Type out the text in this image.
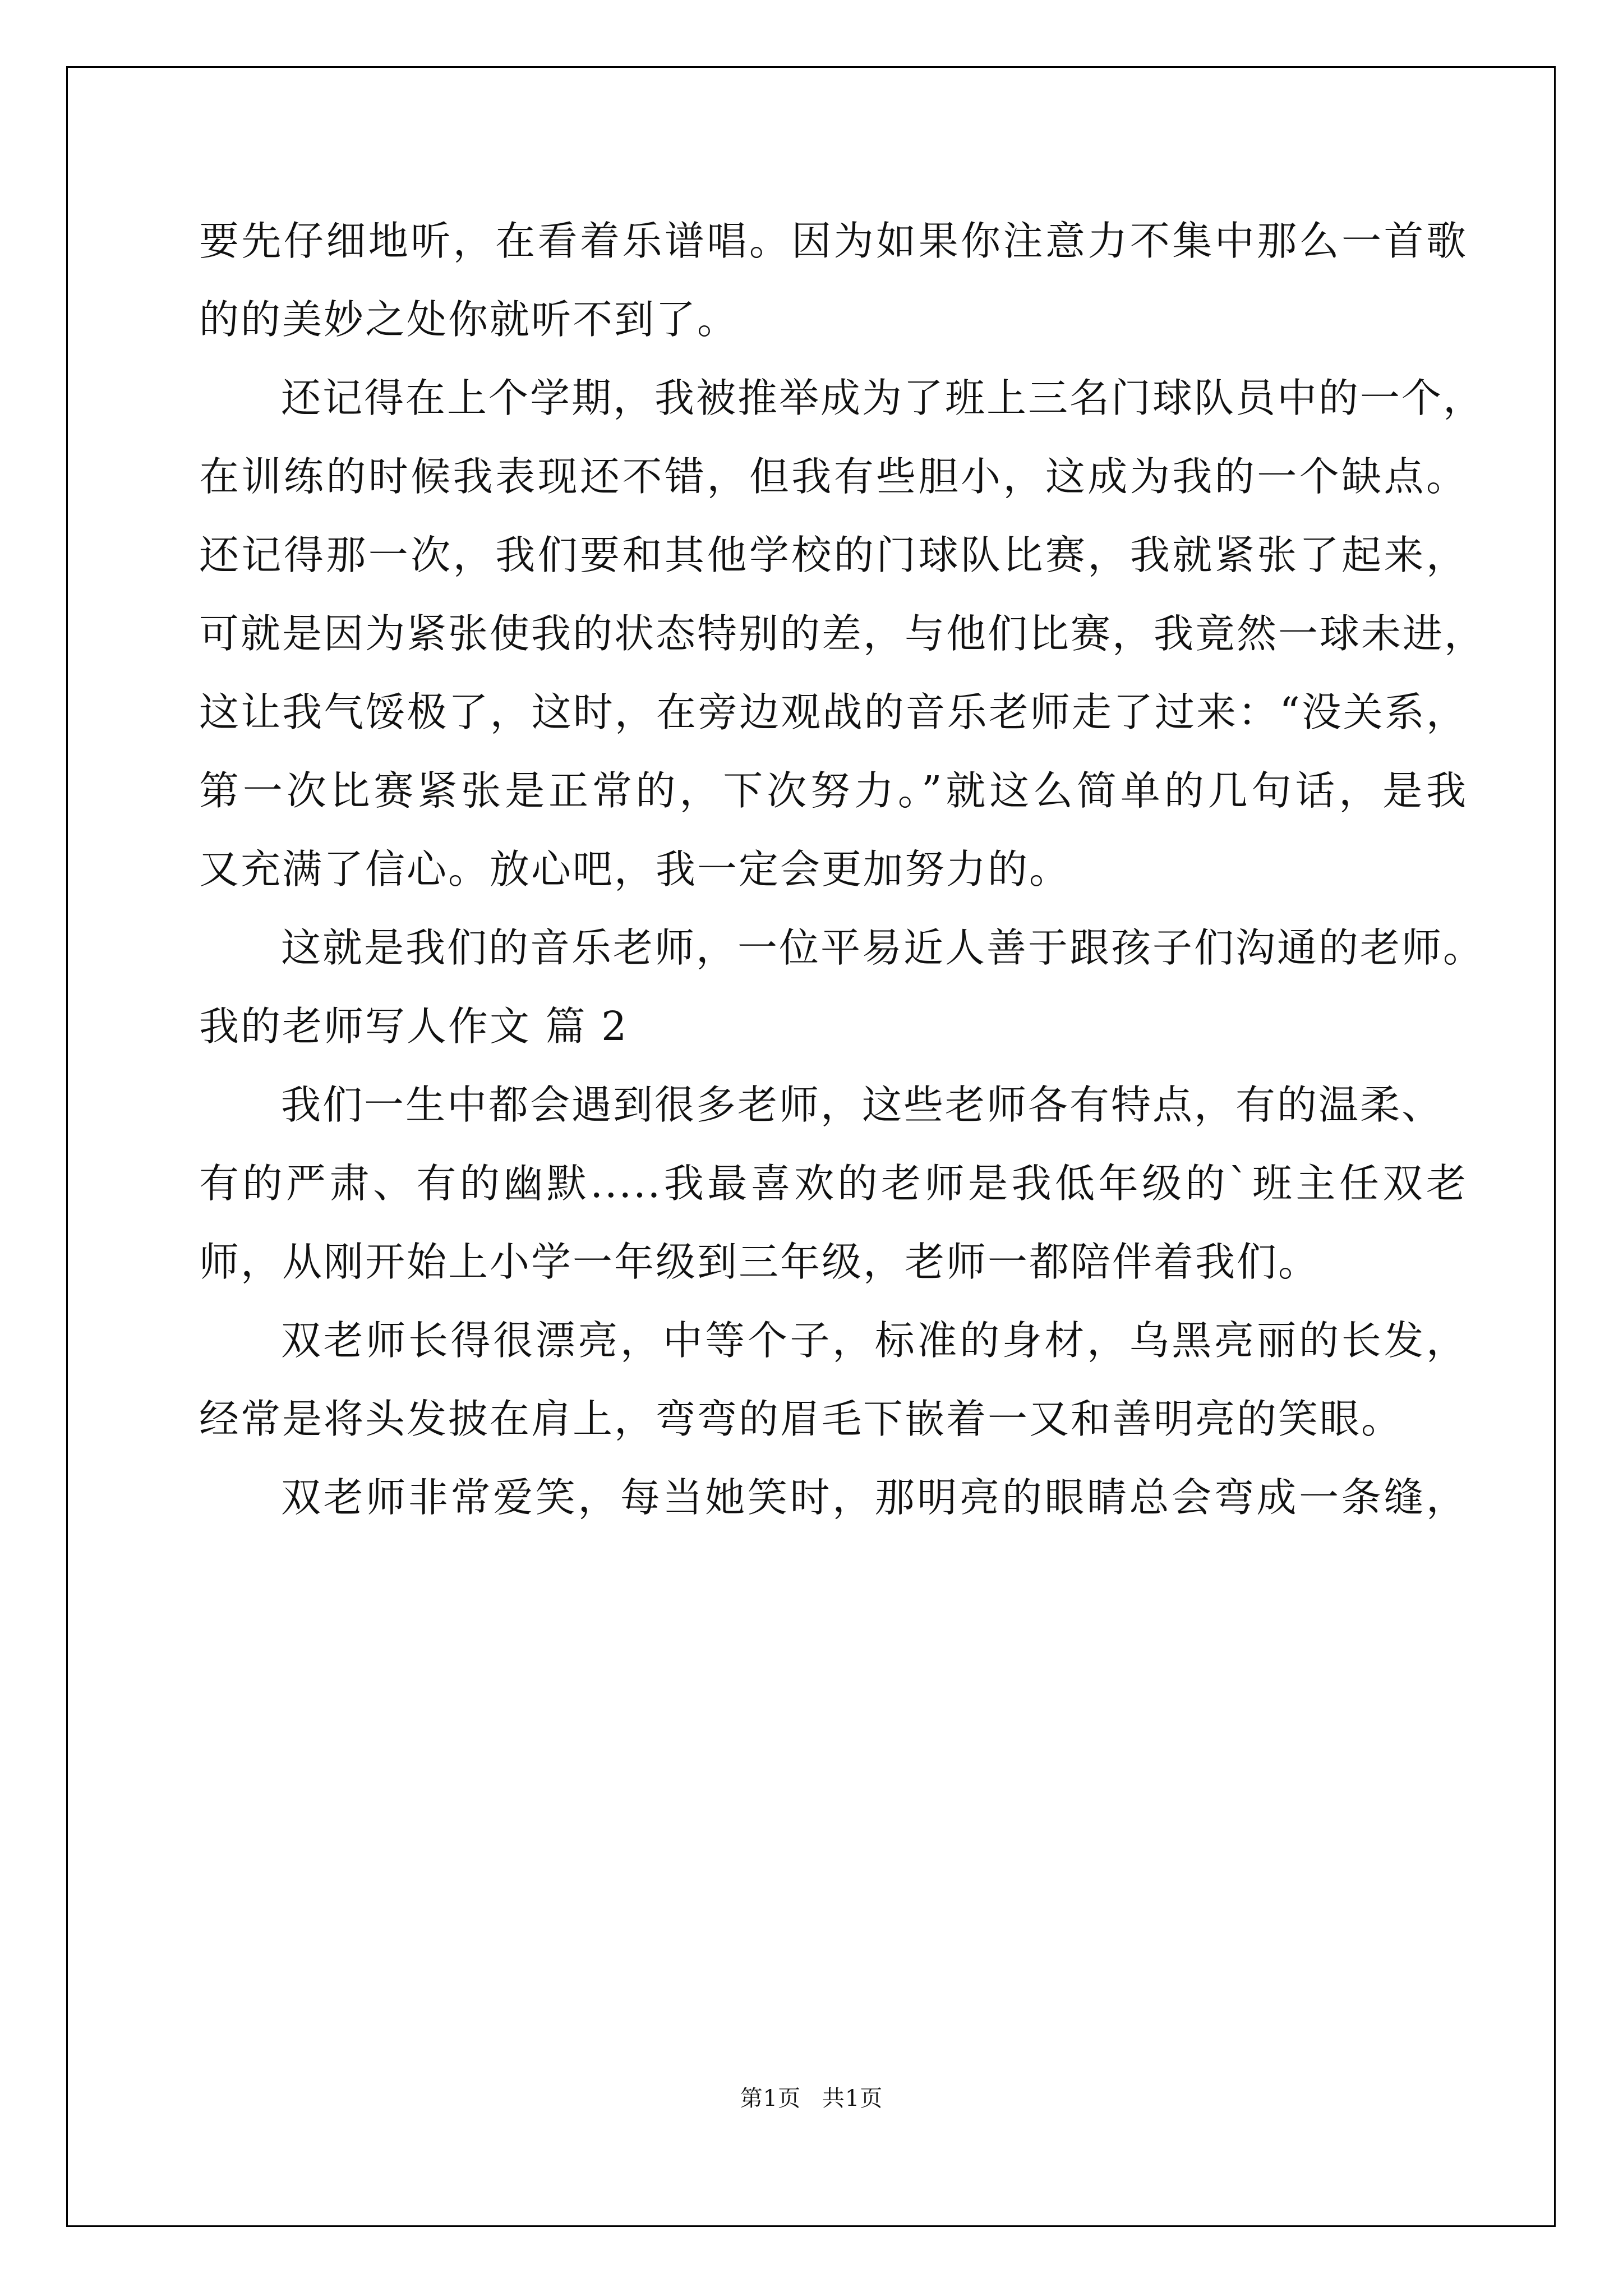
要先仔细地听，在看着乐谱唱。因为如果你注意力不集中那么一首歌
的的美妙之处你就听不到了。
还记得在上个学期，我被推举成为了班上三名门球队员中的一个，
在训练的时候我表现还不错，但我有些胆小，这成为我的一个缺点。
还记得那一次，我们要和其他学校的门球队比赛，我就紧张了起来，
可就是因为紧张使我的状态特别的差，与他们比赛，我竟然一球未进，
这让我气馁极了，这时，在旁边观战的音乐老师走了过来：“没关系，
第一次比赛紧张是正常的，下次努力。”就这么简单的几句话，是我
又充满了信心。放心吧，我一定会更加努力的。
这就是我们的音乐老师，一位平易近人善于跟孩子们沟通的老师。
我的老师写人作文 篇 2
我们一生中都会遇到很多老师，这些老师各有特点，有的温柔、
有的严肃、有的幽默.....我最喜欢的老师是我低年级的`班主任双老
师，从刚开始上小学一年级到三年级，老师一都陪伴着我们。
双老师长得很漂亮，中等个子，标准的身材，乌黑亮丽的长发，
经常是将头发披在肩上，弯弯的眉毛下嵌着一又和善明亮的笑眼。
双老师非常爱笑，每当她笑时，那明亮的眼睛总会弯成一条缝，
第1页 共1页
